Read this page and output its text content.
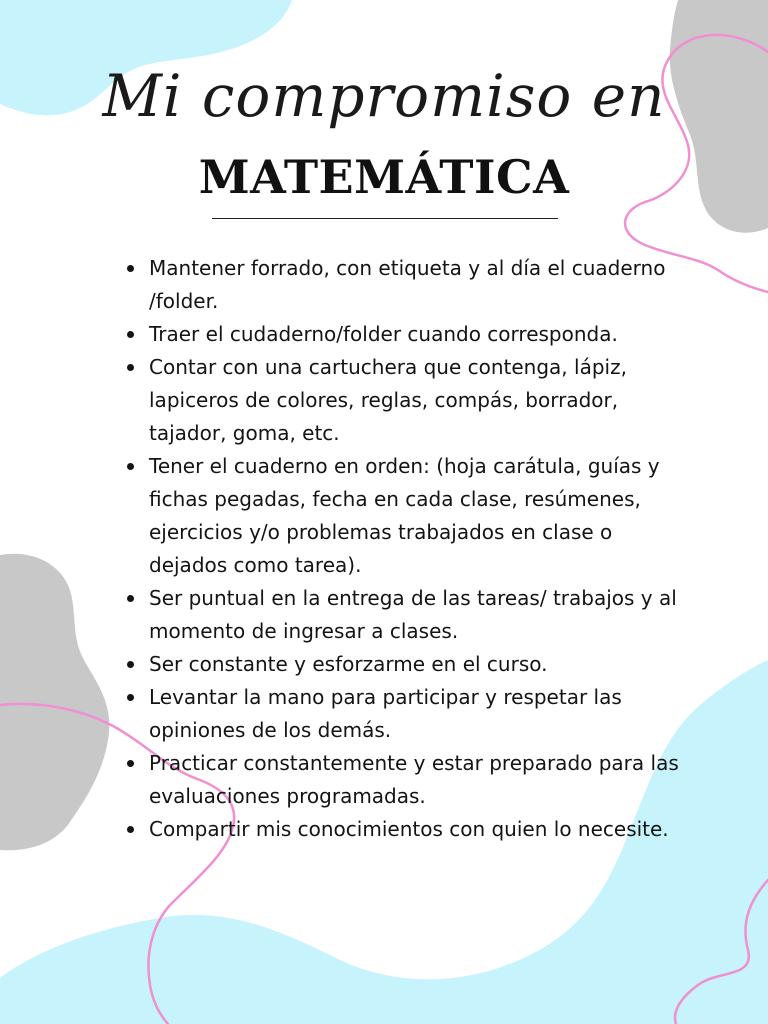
Mi compromiso en
MATEMÁTICA
Mantener forrado, con etiqueta y al día el cuaderno /folder.
Traer el cudaderno/folder cuando corresponda.
Contar con una cartuchera que contenga, lápiz, lapiceros de colores, reglas, compás, borrador, tajador, goma, etc.
Tener el cuaderno en orden: (hoja carátula, guías y fichas pegadas, fecha en cada clase, resúmenes, ejercicios y/o problemas trabajados en clase o dejados como tarea).
Ser puntual en la entrega de las tareas/ trabajos y al momento de ingresar a clases.
Ser constante y esforzarme en el curso.
Levantar la mano para participar y respetar las opiniones de los demás.
Practicar constantemente y estar preparado para las evaluaciones programadas.
Compartir mis conocimientos con quien lo necesite.
